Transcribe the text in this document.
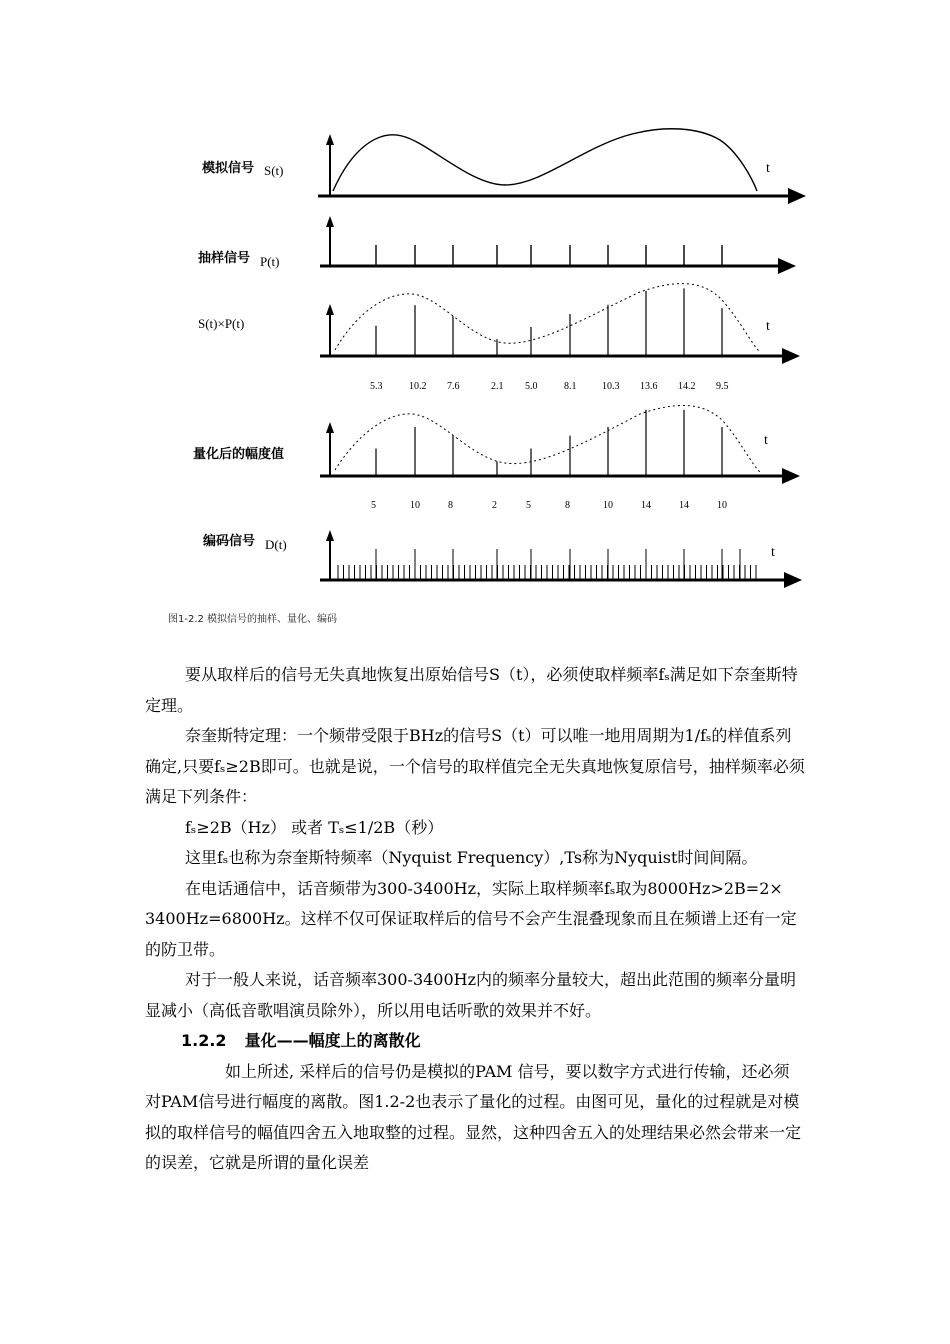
模拟信号 S(t)	t
抽样信号 P(t)
S(t)×P(t)	t
5.3	10.2 7.6	2.1 5.0	8.1	10.3 13.6 14.2 9.5
量化后的幅度值
t
5	10	8	2	5	8	10	14	14	10
编码信号 D(t)
t
图1-2.2 模拟信号的抽样、量化、编码

要从取样后的信号无失真地恢复出原始信号S（t），必须使取样频率fₛ满足如下奈奎斯特定理。

奈奎斯特定理：一个频带受限于BHz的信号S（t）可以唯一地用周期为1/fₛ的样值系列确定,只要fₛ≥2B即可。也就是说，一个信号的取样值完全无失真地恢复原信号，抽样频率必须满足下列条件：

fₛ≥2B（Hz） 或者 Tₛ≤1/2B（秒）

这里fₛ也称为奈奎斯特频率（Nyquist Frequency）,Ts称为Nyquist时间间隔。

在电话通信中，话音频带为300-3400Hz，实际上取样频率fₛ取为8000Hz>2B=2× 3400Hz=6800Hz。这样不仅可保证取样后的信号不会产生混叠现象而且在频谱上还有一定的防卫带。

对于一般人来说，话音频率300-3400Hz内的频率分量较大，超出此范围的频率分量明显减小（高低音歌唱演员除外），所以用电话听歌的效果并不好。

1.2.2 量化——幅度上的离散化

如上所述, 采样后的信号仍是模拟的PAM 信号，要以数字方式进行传输，还必须对PAM信号进行幅度的离散。图1.2-2也表示了量化的过程。由图可见，量化的过程就是对模拟的取样信号的幅值四舍五入地取整的过程。显然，这种四舍五入的处理结果必然会带来一定的误差，它就是所谓的量化误差
